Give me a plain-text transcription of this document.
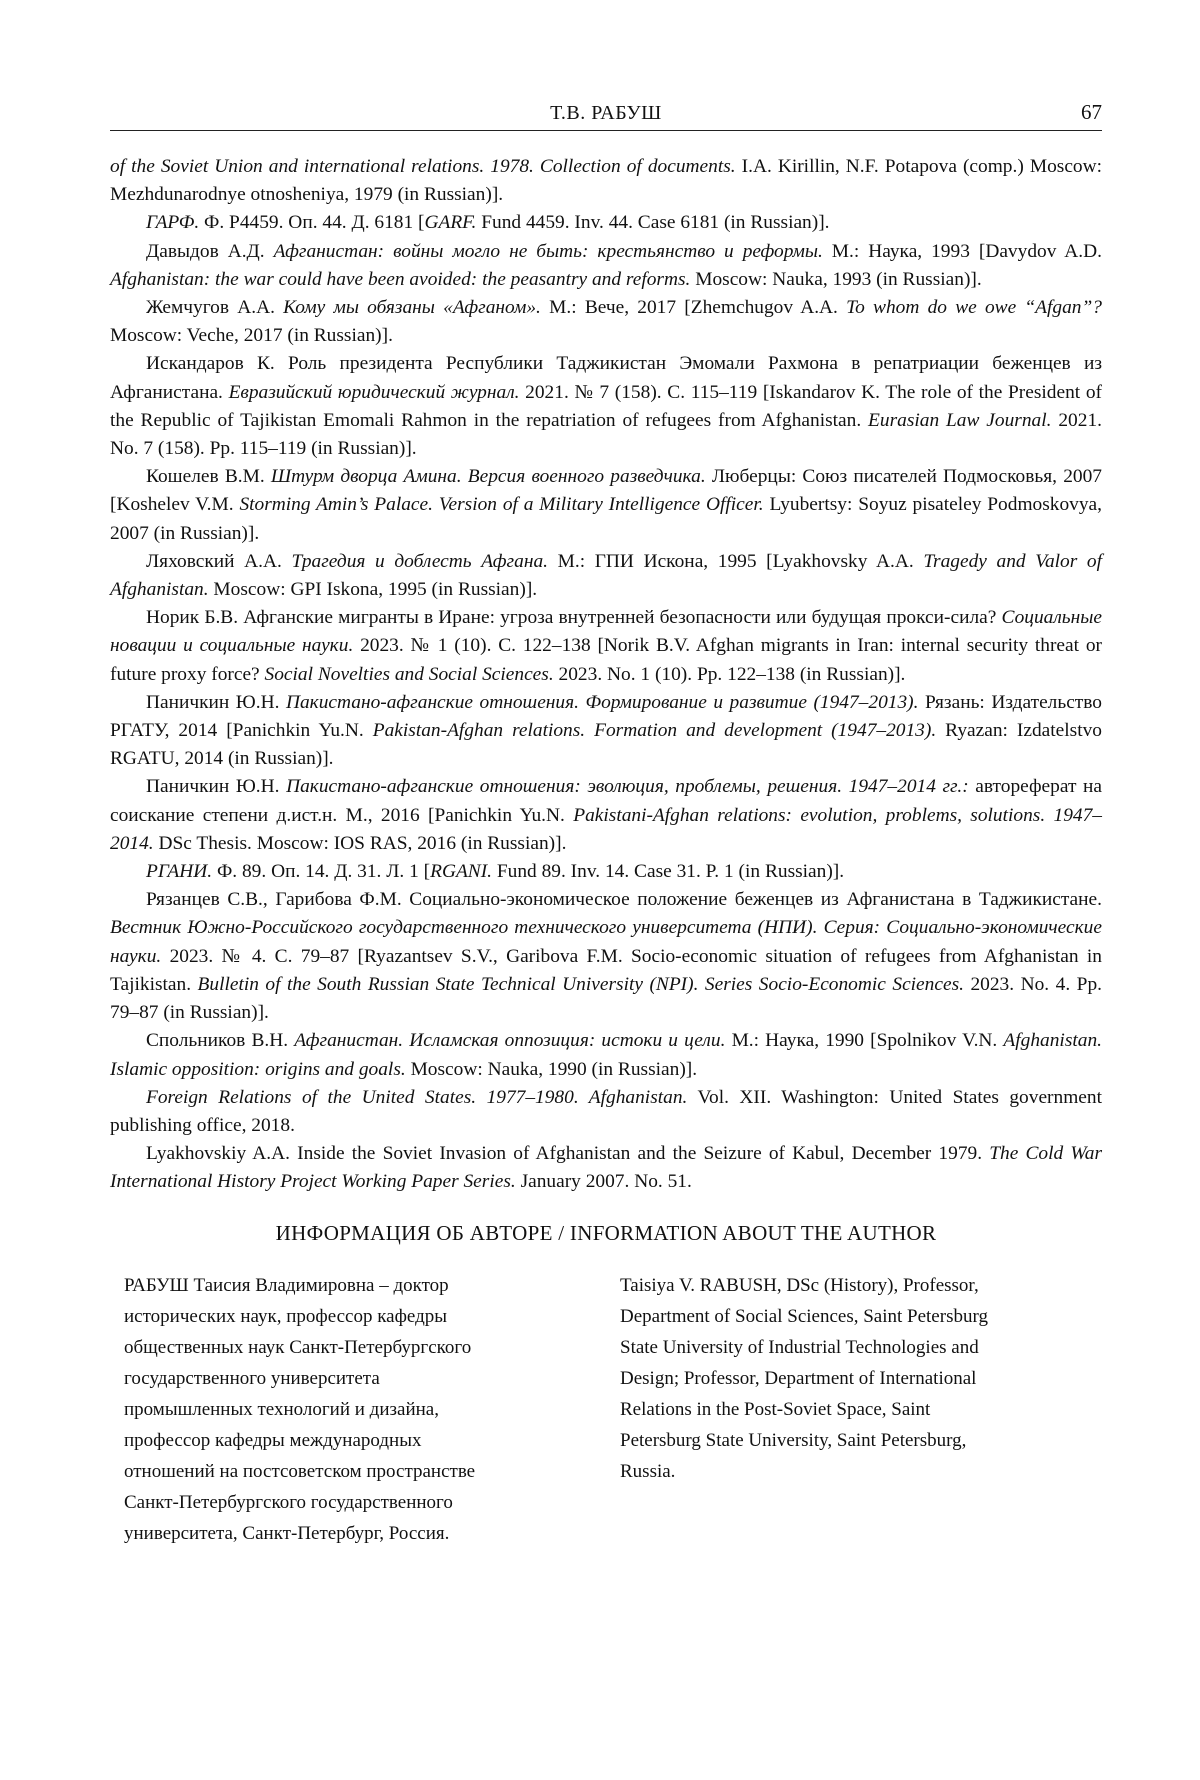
Т.В. РАБУШ	67

of the Soviet Union and international relations. 1978. Collection of documents. I.A. Kirillin, N.F. Potapova (comp.) Moscow: Mezhdunarodnye otnosheniya, 1979 (in Russian)].

ГАРФ. Ф. Р4459. Оп. 44. Д. 6181 [GARF. Fund 4459. Inv. 44. Case 6181 (in Russian)].

Давыдов А.Д. Афганистан: войны могло не быть: крестьянство и реформы. М.: Наука, 1993 [Davydov A.D. Afghanistan: the war could have been avoided: the peasantry and reforms. Moscow: Nauka, 1993 (in Russian)].

Жемчугов А.А. Кому мы обязаны «Афганом». М.: Вече, 2017 [Zhemchugov A.A. To whom do we owe “Afgan”? Moscow: Veche, 2017 (in Russian)].

Искандаров К. Роль президента Республики Таджикистан Эмомали Рахмона в репатриации беженцев из Афганистана. Евразийский юридический журнал. 2021. № 7 (158). С. 115–119 [Iskandarov K. The role of the President of the Republic of Tajikistan Emomali Rahmon in the repatriation of refugees from Afghanistan. Eurasian Law Journal. 2021. No. 7 (158). Pp. 115–119 (in Russian)].

Кошелев В.М. Штурм дворца Амина. Версия военного разведчика. Люберцы: Союз писателей Подмосковья, 2007 [Koshelev V.M. Storming Amin’s Palace. Version of a Military Intelligence Officer. Lyubertsy: Soyuz pisateley Podmoskovya, 2007 (in Russian)].

Ляховский А.А. Трагедия и доблесть Афгана. М.: ГПИ Искона, 1995 [Lyakhovsky A.A. Tragedy and Valor of Afghanistan. Moscow: GPI Iskona, 1995 (in Russian)].

Норик Б.В. Афганские мигранты в Иране: угроза внутренней безопасности или будущая прокси-сила? Социальные новации и социальные науки. 2023. № 1 (10). С. 122–138 [Norik B.V. Afghan migrants in Iran: internal security threat or future proxy force? Social Novelties and Social Sciences. 2023. No. 1 (10). Pp. 122–138 (in Russian)].

Паничкин Ю.Н. Пакистано-афганские отношения. Формирование и развитие (1947–2013). Рязань: Издательство РГАТУ, 2014 [Panichkin Yu.N. Pakistan-Afghan relations. Formation and development (1947–2013). Ryazan: Izdatelstvo RGATU, 2014 (in Russian)].

Паничкин Ю.Н. Пакистано-афганские отношения: эволюция, проблемы, решения. 1947–2014 гг.: автореферат на соискание степени д.ист.н. М., 2016 [Panichkin Yu.N. Pakistani-Afghan relations: evolution, problems, solutions. 1947–2014. DSc Thesis. Moscow: IOS RAS, 2016 (in Russian)].

РГАНИ. Ф. 89. Оп. 14. Д. 31. Л. 1 [RGANI. Fund 89. Inv. 14. Case 31. P. 1 (in Russian)].

Рязанцев С.В., Гарибова Ф.М. Социально-экономическое положение беженцев из Афганистана в Таджикистане. Вестник Южно-Российского государственного технического университета (НПИ). Серия: Социально-экономические науки. 2023. № 4. С. 79–87 [Ryazantsev S.V., Garibova F.M. Socio-economic situation of refugees from Afghanistan in Tajikistan. Bulletin of the South Russian State Technical University (NPI). Series Socio-Economic Sciences. 2023. No. 4. Pp. 79–87 (in Russian)].

Спольников В.Н. Афганистан. Исламская оппозиция: истоки и цели. М.: Наука, 1990 [Spolnikov V.N. Afghanistan. Islamic opposition: origins and goals. Moscow: Nauka, 1990 (in Russian)].

Foreign Relations of the United States. 1977–1980. Afghanistan. Vol. XII. Washington: United States government publishing office, 2018.

Lyakhovskiy A.A. Inside the Soviet Invasion of Afghanistan and the Seizure of Kabul, December 1979. The Cold War International History Project Working Paper Series. January 2007. No. 51.

ИНФОРМАЦИЯ ОБ АВТОРЕ / INFORMATION ABOUT THE AUTHOR
РАБУШ Таисия Владимировна – доктор
исторических наук, профессор кафедры
общественных наук Санкт-Петербургского
государственного университета
промышленных технологий и дизайна,
профессор кафедры международных
отношений на постсоветском пространстве
Санкт-Петербургского государственного
университета, Санкт-Петербург, Россия.
Taisiya V. RABUSH, DSc (History), Professor,
Department of Social Sciences, Saint Petersburg
State University of Industrial Technologies and
Design; Professor, Department of International
Relations in the Post-Soviet Space, Saint
Petersburg State University, Saint Petersburg,
Russia.
